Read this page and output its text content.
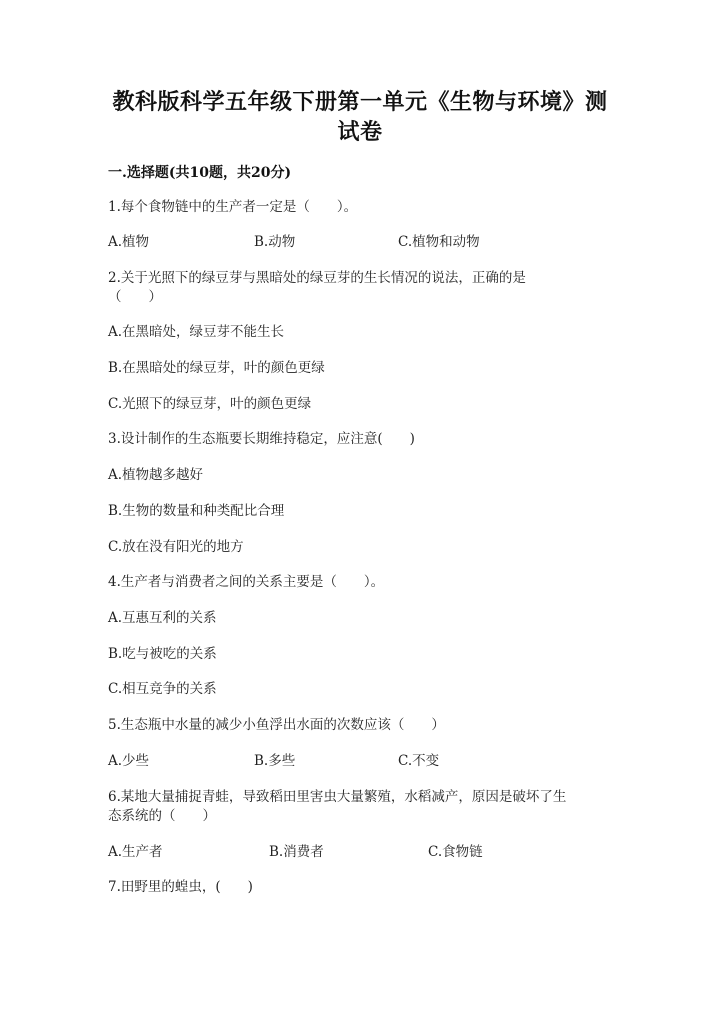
教科版科学五年级下册第一单元《生物与环境》测
试卷
一.选择题(共10题，共20分)
1.每个食物链中的生产者一定是（　　）。
A.植物	B.动物	C.植物和动物
2.关于光照下的绿豆芽与黑暗处的绿豆芽的生长情况的说法，正确的是
（　　）
A.在黑暗处，绿豆芽不能生长
B.在黑暗处的绿豆芽，叶的颜色更绿
C.光照下的绿豆芽，叶的颜色更绿
3.设计制作的生态瓶要长期维持稳定，应注意(　　)
A.植物越多越好
B.生物的数量和种类配比合理
C.放在没有阳光的地方
4.生产者与消费者之间的关系主要是（　　）。
A.互惠互利的关系
B.吃与被吃的关系
C.相互竞争的关系
5.生态瓶中水量的减少小鱼浮出水面的次数应该（　　）
A.少些	B.多些	C.不变
6.某地大量捕捉青蛙，导致稻田里害虫大量繁殖，水稻减产，原因是破坏了生
态系统的（　　）
A.生产者	B.消费者	C.食物链
7.田野里的蝗虫，(　　)
